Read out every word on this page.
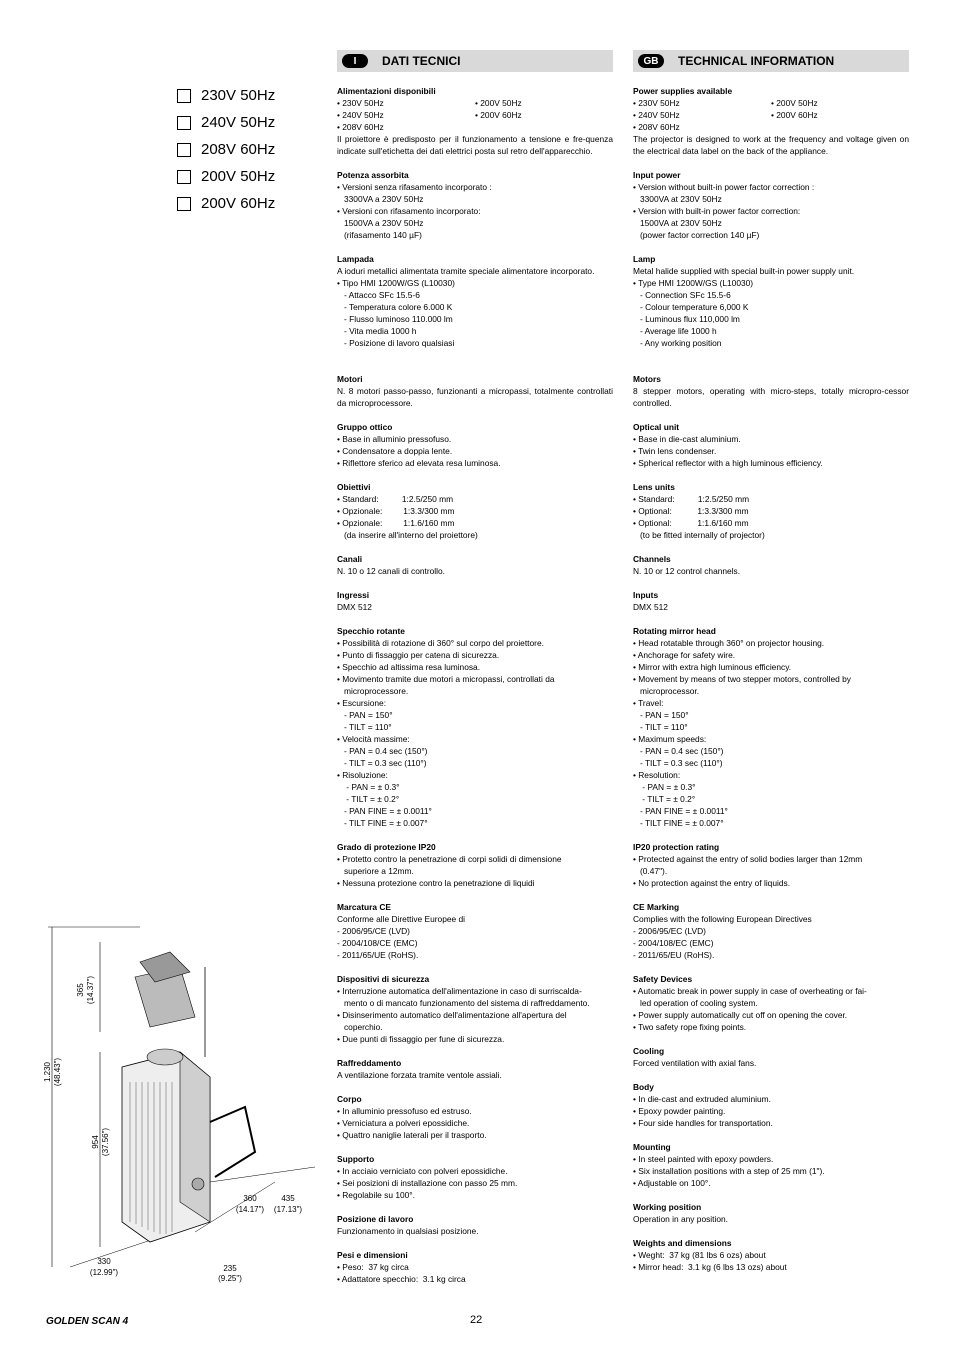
230V 50Hz
240V 50Hz
208V 60Hz
200V 50Hz
200V 60Hz
I	DATI TECNICI
Alimentazioni disponibili
• 230V 50Hz	• 200V 50Hz
• 240V 50Hz	• 200V 60Hz
• 208V 60Hz
Il proiettore è predisposto per il funzionamento a tensione e fre-quenza indicate sull'etichetta dei dati elettrici posta sul retro dell'apparecchio.
Potenza assorbita
• Versioni senza rifasamento incorporato :
3300VA a 230V 50Hz
• Versioni con rifasamento incorporato:
1500VA a 230V 50Hz
(rifasamento 140 µF)
Lampada
A ioduri metallici alimentata tramite speciale alimentatore incorporato.
• Tipo HMI 1200W/GS (L10030)
- Attacco SFc 15.5-6
- Temperatura colore 6.000 K
- Flusso luminoso 110.000 lm
- Vita media 1000 h
- Posizione di lavoro qualsiasi
Motori
N. 8 motori passo-passo, funzionanti a micropassi, totalmente controllati da microprocessore.
Gruppo ottico
• Base in alluminio pressofuso.
• Condensatore a doppia lente.
• Riflettore sferico ad elevata resa luminosa.
Obiettivi
• Standard:          1:2.5/250 mm
• Opzionale:         1:3.3/300 mm
• Opzionale:         1:1.6/160 mm
(da inserire all'interno del proiettore)
Canali
N. 10 o 12 canali di controllo.
Ingressi
DMX 512
Specchio rotante
• Possibilità di rotazione di 360° sul corpo del proiettore.
• Punto di fissaggio per catena di sicurezza.
• Specchio ad altissima resa luminosa.
• Movimento tramite due motori a micropassi, controllati da
microprocessore.
• Escursione:
- PAN = 150°
- TILT = 110°
• Velocità massime:
- PAN = 0.4 sec (150°)
- TILT = 0.3 sec (110°)
• Risoluzione:
- PAN = ± 0.3°
- TILT = ± 0.2°
- PAN FINE = ± 0.0011°
- TILT FINE = ± 0.007°
Grado di protezione IP20
• Protetto contro la penetrazione di corpi solidi di dimensione
superiore a 12mm.
• Nessuna protezione contro la penetrazione di liquidi
Marcatura CE
Conforme alle Direttive Europee di
- 2006/95/CE (LVD)
- 2004/108/CE (EMC)
- 2011/65/UE (RoHS).
Dispositivi di sicurezza
• Interruzione automatica dell'alimentazione in caso di surriscalda-
mento o di mancato funzionamento del sistema di raffreddamento.
• Disinserimento automatico dell'alimentazione all'apertura del
coperchio.
• Due punti di fissaggio per fune di sicurezza.
Raffreddamento
A ventilazione forzata tramite ventole assiali.
Corpo
• In alluminio pressofuso ed estruso.
• Verniciatura a polveri epossidiche.
• Quattro naniglie laterali per il trasporto.
Supporto
• In acciaio verniciato con polveri epossidiche.
• Sei posizioni di installazione con passo 25 mm.
• Regolabile su 100°.
Posizione di lavoro
Funzionamento in qualsiasi posizione.
Pesi e dimensioni
• Peso:  37 kg circa
• Adattatore specchio:  3.1 kg circa
GB	TECHNICAL INFORMATION
Power supplies available
• 230V 50Hz	• 200V 50Hz
• 240V 50Hz	• 200V 60Hz
• 208V 60Hz
The projector is designed to work at the frequency and voltage given on the electrical data label on the back of the appliance.
Input power
• Version without built-in power factor correction :
3300VA at 230V 50Hz
• Version with built-in power factor correction:
1500VA at 230V 50Hz
(power factor correction 140 µF)
Lamp
Metal halide supplied with special built-in power supply unit.
• Type HMI 1200W/GS (L10030)
- Connection SFc 15.5-6
- Colour temperature 6,000 K
- Luminous flux 110,000 lm
- Average life 1000 h
- Any working position
Motors
8 stepper motors, operating with micro-steps, totally micropro-cessor controlled.
Optical unit
• Base in die-cast aluminium.
• Twin lens condenser.
• Spherical reflector with a high luminous efficiency.
Lens units
• Standard:          1:2.5/250 mm
• Optional:           1:3.3/300 mm
• Optional:           1:1.6/160 mm
(to be fitted internally of projector)
Channels
N. 10 or 12 control channels.
Inputs
DMX 512
Rotating mirror head
• Head rotatable through 360° on projector housing.
• Anchorage for safety wire.
• Mirror with extra high luminous efficiency.
• Movement by means of two stepper motors, controlled by
microprocessor.
• Travel:
- PAN = 150°
- TILT = 110°
• Maximum speeds:
- PAN = 0.4 sec (150°)
- TILT = 0.3 sec (110°)
• Resolution:
- PAN = ± 0.3°
- TILT = ± 0.2°
- PAN FINE = ± 0.0011°
- TILT FINE = ± 0.007°
IP20 protection rating
• Protected against the entry of solid bodies larger than 12mm
(0.47").
• No protection against the entry of liquids.
CE Marking
Complies with the following European Directives
- 2006/95/EC (LVD)
- 2004/108/EC (EMC)
- 2011/65/EU (RoHS).
Safety Devices
• Automatic break in power supply in case of overheating or fai-
led operation of cooling system.
• Power supply automatically cut off on opening the cover.
• Two safety rope fixing points.
Cooling
Forced ventilation with axial fans.
Body
• In die-cast and extruded aluminium.
• Epoxy powder painting.
• Four side handles for transportation.
Mounting
• In steel painted with epoxy powders.
• Six installation positions with a step of 25 mm (1").
• Adjustable on 100°.
Working position
Operation in any position.
Weights and dimensions
• Weght:  37 kg (81 lbs 6 ozs) about
• Mirror head:  3.1 kg (6 lbs 13 ozs) about
1.230 (48.43")
365 (14.37")
954 (37.56")
360
(14.17")
435
(17.13")
330
(12.99")	235
(9.25")
GOLDEN SCAN 4	22
